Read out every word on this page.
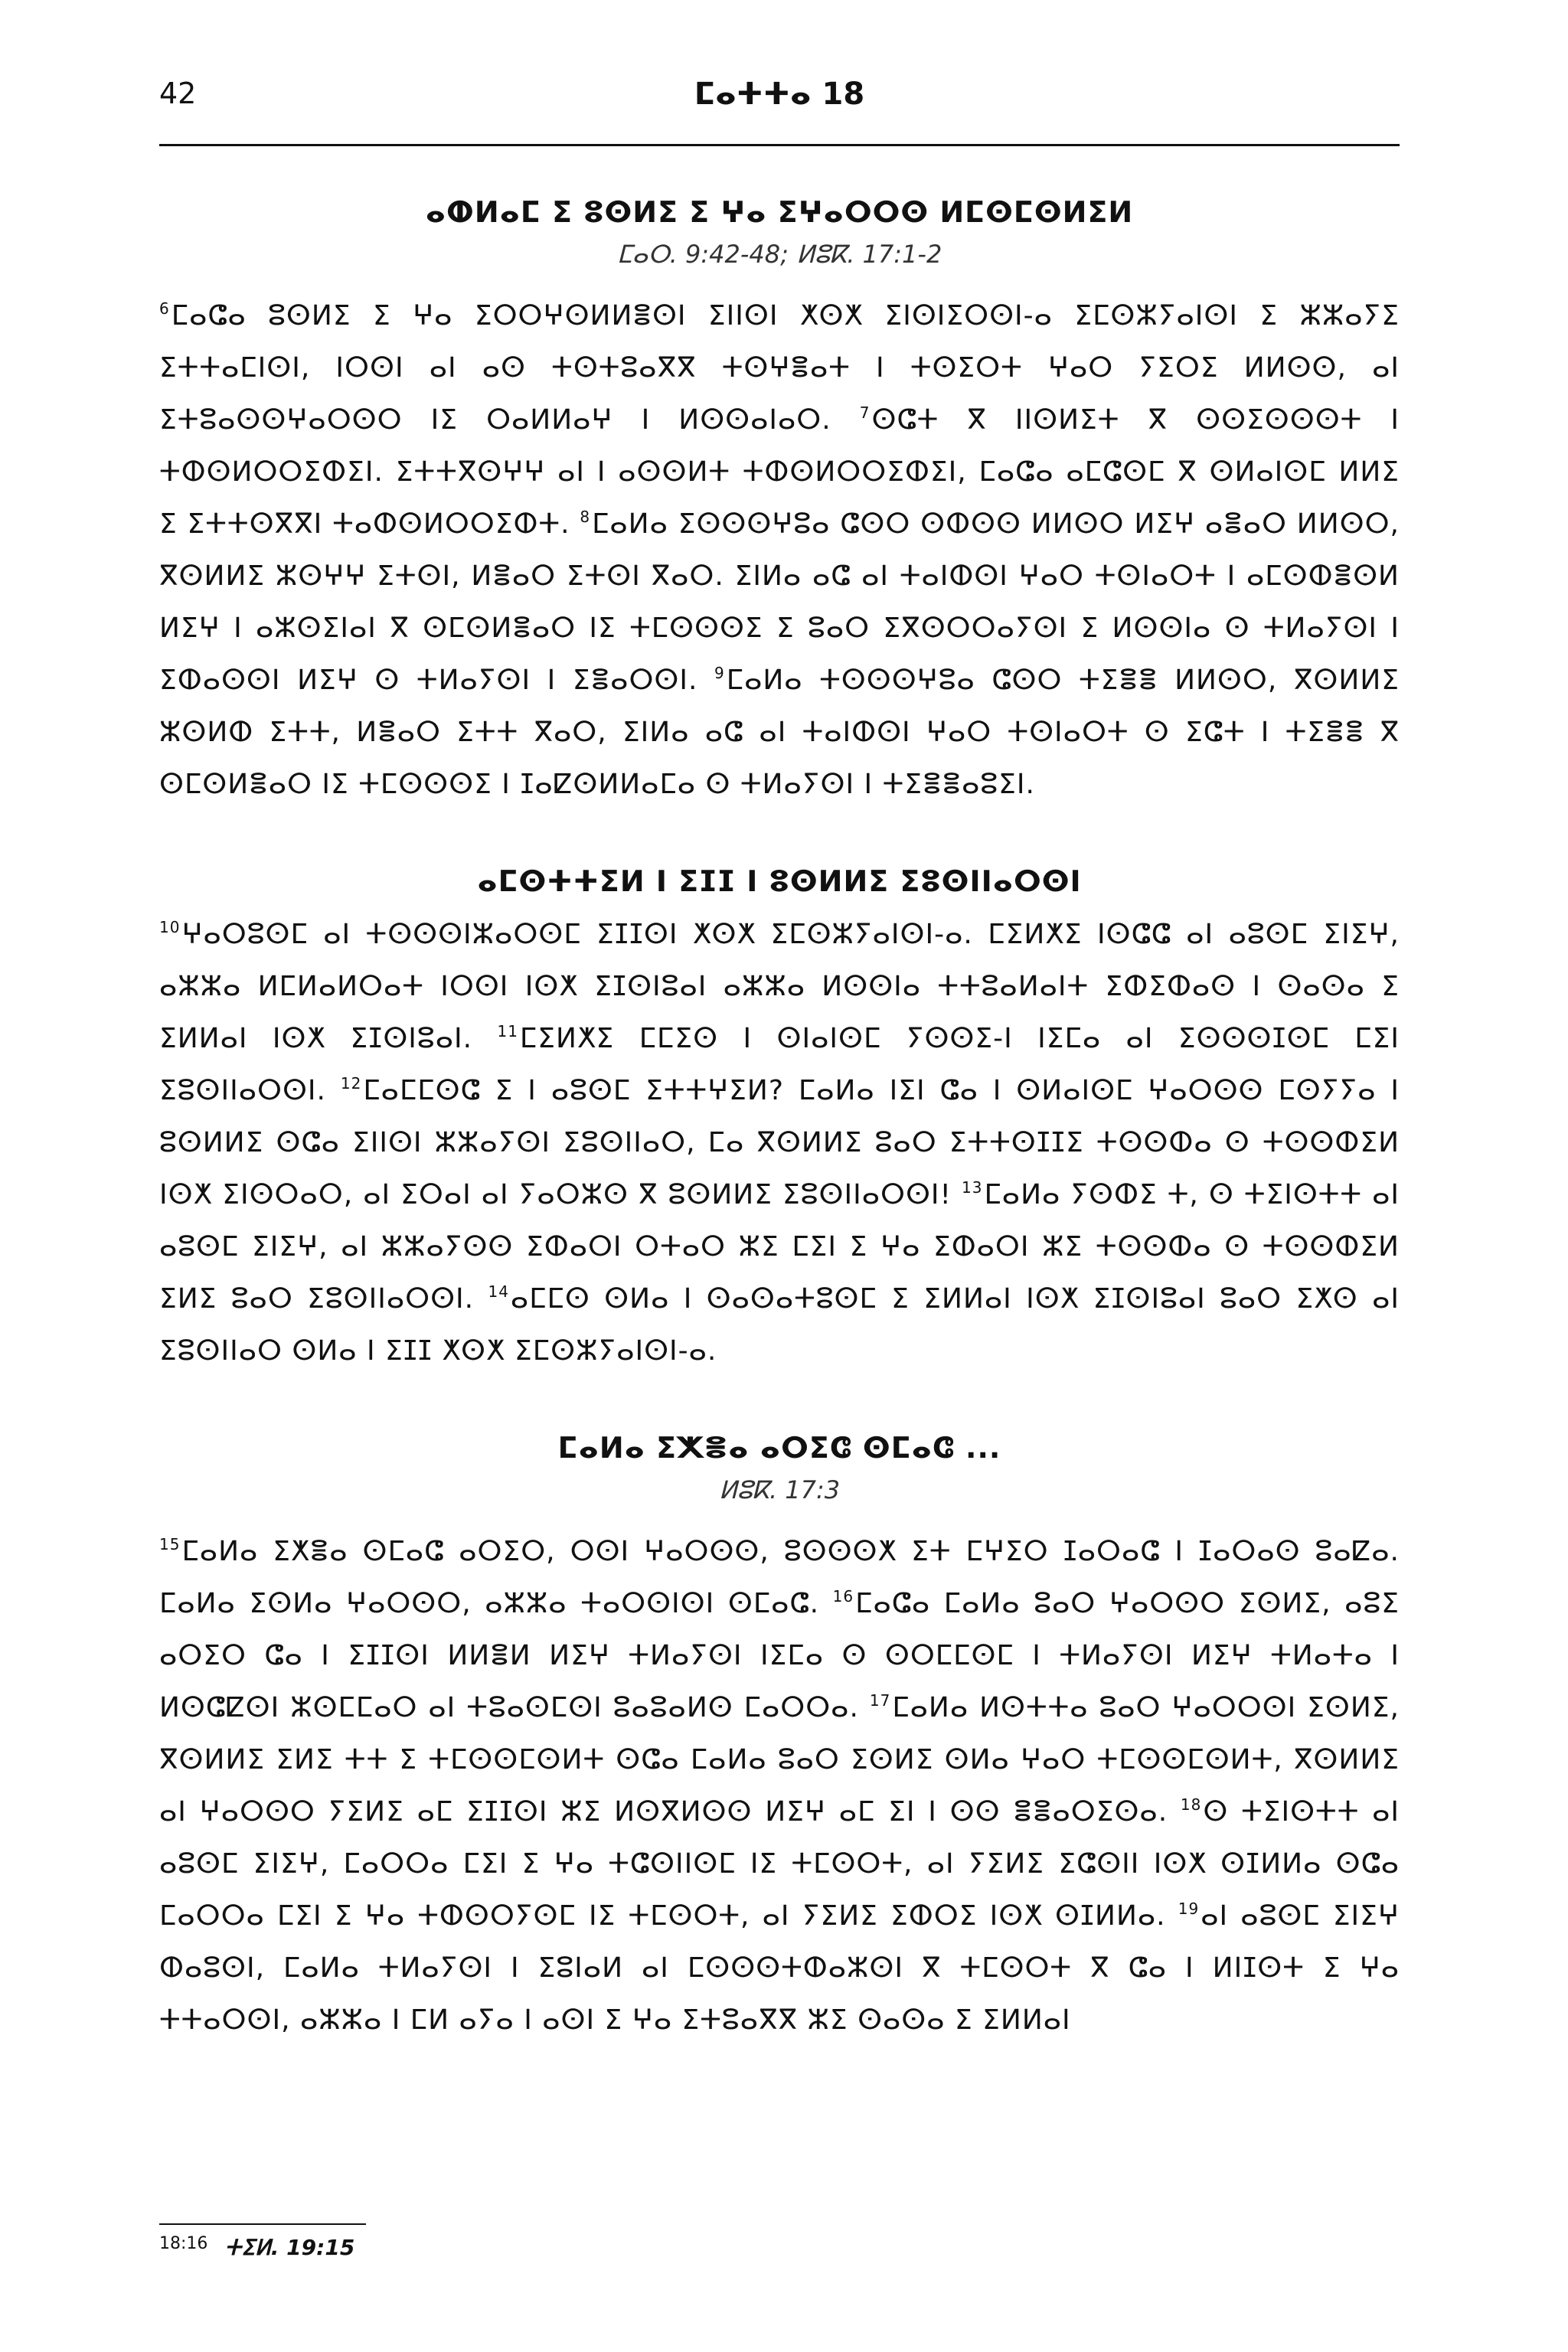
42	ⵎⴰⵜⵜⴰ 18
ⴰⵀⵍⴰⵎ ⵉ ⵓⵙⵍⵉ ⵉ ⵖⴰ ⵉⵖⴰⵔⵔⵙ ⵍⵎⵙⵎⵙⵍⵉⵍ
ⵎⴰⵔ. 9:42-48; ⵍⵓⴽ. 17:1-2

$^6$ⵎⴰⵛⴰ ⵓⵙⵍⵉ ⵉ ⵖⴰ ⵉⵔⵔⵖⵙⵍⵍⴻⵙⵏ ⵉⵏⵏⵙⵏ ⵅⵙⵅ ⵉⵏⵙⵏⵉⵔⵙⵏ-ⴰ ⵉⵎⵙⵣⵢⴰⵏⵙⵏ ⵉ ⵣⵣⴰⵢⵉ ⵉⵜⵜⴰⵎⵏⵙⵏ, ⵏⵔⵙⵏ ⴰⵏ ⴰⵙ ⵜⵙⵜⵓⴰⴳⴳ ⵜⵙⵖⴻⴰⵜ ⵏ ⵜⵙⵉⵔⵜ ⵖⴰⵔ ⵢⵉⵔⵉ ⵍⵍⵙⵙ, ⴰⵏ ⵉⵜⵓⴰⵙⵙⵖⴰⵔⵙⵔ ⵏⵉ ⵔⴰⵍⵍⴰⵖ ⵏ ⵍⵙⵙⴰⵏⴰⵔ. $^7$ⵙⵛⵜ ⴳ ⵏⵏⵙⵍⵉⵜ ⴳ ⵙⵙⵉⵙⵙⵙⵜ ⵏ ⵜⵀⵙⵍⵔⵔⵉⵀⵉⵏ. ⵉⵜⵜⴳⵙⵖⵖ ⴰⵏ ⵏ ⴰⵙⵙⵍⵜ ⵜⵀⵙⵍⵔⵔⵉⵀⵉⵏ, ⵎⴰⵛⴰ ⴰⵎⵛⵙⵎ ⴳ ⵙⵍⴰⵏⵙⵎ ⵍⵍⵉ ⵉ ⵉⵜⵜⵙⴳⴳⵏ ⵜⴰⵀⵙⵍⵔⵔⵉⵀⵜ. $^8$ⵎⴰⵍⴰ ⵉⵙⵙⵙⵖⵓⴰ ⵛⵙⵔ ⵙⵀⵙⵙ ⵍⵍⵙⵔ ⵍⵉⵖ ⴰⴻⴰⵔ ⵍⵍⵙⵔ, ⴳⵙⵍⵍⵉ ⵣⵙⵖⵖ ⵉⵜⵙⵏ, ⵍⴻⴰⵔ ⵉⵜⵙⵏ ⴳⴰⵔ. ⵉⵏⵍⴰ ⴰⵛ ⴰⵏ ⵜⴰⵏⵀⵙⵏ ⵖⴰⵔ ⵜⵙⵏⴰⵔⵜ ⵏ ⴰⵎⵙⵀⴻⵙⵍ ⵍⵉⵖ ⵏ ⴰⵣⵙⵉⵏⴰⵏ ⴳ ⵙⵎⵙⵍⴻⴰⵔ ⵏⵉ ⵜⵎⵙⵙⵙⵉ ⵉ ⵓⴰⵔ ⵉⴳⵙⵔⵔⴰⵢⵙⵏ ⵉ ⵍⵙⵙⵏⴰ ⵙ ⵜⵍⴰⵢⵙⵏ ⵏ ⵉⵀⴰⵙⵙⵏ ⵍⵉⵖ ⵙ ⵜⵍⴰⵢⵙⵏ ⵏ ⵉⴻⴰⵔⵙⵏ. $^9$ⵎⴰⵍⴰ ⵜⵙⵙⵙⵖⵓⴰ ⵛⵙⵔ ⵜⵉⴻⴻ ⵍⵍⵙⵔ, ⴳⵙⵍⵍⵉ ⵣⵙⵍⵀ ⵉⵜⵜ, ⵍⴻⴰⵔ ⵉⵜⵜ ⴳⴰⵔ, ⵉⵏⵍⴰ ⴰⵛ ⴰⵏ ⵜⴰⵏⵀⵙⵏ ⵖⴰⵔ ⵜⵙⵏⴰⵔⵜ ⵙ ⵉⵛⵜ ⵏ ⵜⵉⴻⴻ ⴳ ⵙⵎⵙⵍⴻⴰⵔ ⵏⵉ ⵜⵎⵙⵙⵙⵉ ⵏ ⵊⴰⵇⵙⵍⵍⴰⵎⴰ ⵙ ⵜⵍⴰⵢⵙⵏ ⵏ ⵜⵉⴻⴻⴰⵓⵉⵏ.

ⴰⵎⵙⵜⵜⵉⵍ ⵏ ⵉⵊⵊ ⵏ ⵓⵙⵍⵍⵉ ⵉⵓⵙⵏⵏⴰⵔⵙⵏ

$^{10}$ⵖⴰⵔⵓⵙⵎ ⴰⵏ ⵜⵙⵙⵙⵏⵣⴰⵔⵙⵎ ⵉⵊⵊⵙⵏ ⵅⵙⵅ ⵉⵎⵙⵣⵢⴰⵏⵙⵏ-ⴰ. ⵎⵉⵍⵅⵉ ⵏⵙⵛⵛ ⴰⵏ ⴰⵓⵙⵎ ⵉⵏⵉⵖ, ⴰⵣⵣⴰ ⵍⵎⵍⴰⵍⵔⴰⵜ ⵏⵔⵙⵏ ⵏⵙⵅ ⵉⵊⵙⵏⵓⴰⵏ ⴰⵣⵣⴰ ⵍⵙⵙⵏⴰ ⵜⵜⵓⴰⵍⴰⵏⵜ ⵉⵀⵉⵀⴰⵙ ⵏ ⵙⴰⵙⴰ ⵉ ⵉⵍⵍⴰⵏ ⵏⵙⵅ ⵉⵊⵙⵏⵓⴰⵏ. $^{11}$ⵎⵉⵍⵅⵉ ⵎⵎⵉⵙ ⵏ ⵙⵏⴰⵏⵙⵎ ⵢⵙⵙⵉ-ⵏ ⵏⵉⵎⴰ ⴰⵏ ⵉⵙⵙⵙⵊⵙⵎ ⵎⵉⵏ ⵉⵓⵙⵏⵏⴰⵔⵙⵏ. $^{12}$ⵎⴰⵎⵎⵙⵛ ⵉ ⵏ ⴰⵓⵙⵎ ⵉⵜⵜⵖⵉⵍ? ⵎⴰⵍⴰ ⵏⵉⵏ ⵛⴰ ⵏ ⵙⵍⴰⵏⵙⵎ ⵖⴰⵔⵙⵙ ⵎⵙⵢⵢⴰ ⵏ ⵓⵙⵍⵍⵉ ⵙⵛⴰ ⵉⵏⵏⵙⵏ ⵣⵣⴰⵢⵙⵏ ⵉⵓⵙⵏⵏⴰⵔ, ⵎⴰ ⴳⵙⵍⵍⵉ ⵓⴰⵔ ⵉⵜⵜⵙⵊⵊⵉ ⵜⵙⵙⵀⴰ ⵙ ⵜⵙⵙⵀⵉⵍ ⵏⵙⵅ ⵉⵏⵙⵔⴰⵔ, ⴰⵏ ⵉⵔⴰⵏ ⴰⵏ ⵢⴰⵔⵣⵙ ⴳ ⵓⵙⵍⵍⵉ ⵉⵓⵙⵏⵏⴰⵔⵙⵏ! $^{13}$ⵎⴰⵍⴰ ⵢⵙⵀⵉ ⵜ, ⵙ ⵜⵉⵏⵙⵜⵜ ⴰⵏ ⴰⵓⵙⵎ ⵉⵏⵉⵖ, ⴰⵏ ⵣⵣⴰⵢⵙⵙ ⵉⵀⴰⵔⵏ ⵔⵜⴰⵔ ⵣⵉ ⵎⵉⵏ ⵉ ⵖⴰ ⵉⵀⴰⵔⵏ ⵣⵉ ⵜⵙⵙⵀⴰ ⵙ ⵜⵙⵙⵀⵉⵍ ⵉⵍⵉ ⵓⴰⵔ ⵉⵓⵙⵏⵏⴰⵔⵙⵏ. $^{14}$ⴰⵎⵎⵙ ⵙⵍⴰ ⵏ ⵙⴰⵙⴰⵜⵓⵙⵎ ⵉ ⵉⵍⵍⴰⵏ ⵏⵙⵅ ⵉⵊⵙⵏⵓⴰⵏ ⵓⴰⵔ ⵉⵅⵙ ⴰⵏ ⵉⵓⵙⵏⵏⴰⵔ ⵙⵍⴰ ⵏ ⵉⵊⵊ ⵅⵙⵅ ⵉⵎⵙⵣⵢⴰⵏⵙⵏ-ⴰ.

ⵎⴰⵍⴰ ⵉⵅⴻⴰ ⴰⵔⵉⵛ ⵙⵎⴰⵛ ...
ⵍⵓⴽ. 17:3

$^{15}$ⵎⴰⵍⴰ ⵉⵅⴻⴰ ⵙⵎⴰⵛ ⴰⵔⵉⵔ, ⵔⵙⵏ ⵖⴰⵔⵙⵙ, ⵓⵙⵙⵙⵅ ⵉⵜ ⵎⵖⵉⵔ ⵊⴰⵔⴰⵛ ⵏ ⵊⴰⵔⴰⵙ ⵓⴰⵇⴰ. ⵎⴰⵍⴰ ⵉⵙⵍⴰ ⵖⴰⵔⵙⵔ, ⴰⵣⵣⴰ ⵜⴰⵔⵙⵏⵙⵏ ⵙⵎⴰⵛ. $^{16}$ⵎⴰⵛⴰ ⵎⴰⵍⴰ ⵓⴰⵔ ⵖⴰⵔⵙⵔ ⵉⵙⵍⵉ, ⴰⵓⵉ ⴰⵔⵉⵔ ⵛⴰ ⵏ ⵉⵊⵊⵙⵏ ⵍⵍⴻⵍ ⵍⵉⵖ ⵜⵍⴰⵢⵙⵏ ⵏⵉⵎⴰ ⵙ ⵙⵔⵎⵎⵙⵎ ⵏ ⵜⵍⴰⵢⵙⵏ ⵍⵉⵖ ⵜⵍⴰⵜⴰ ⵏ ⵍⵙⵛⵇⵙⵏ ⵣⵙⵎⵎⴰⵔ ⴰⵏ ⵜⵓⴰⵙⵎⵙⵏ ⵓⴰⵓⴰⵍⵙ ⵎⴰⵔⵔⴰ. $^{17}$ⵎⴰⵍⴰ ⵍⵙⵜⵜⴰ ⵓⴰⵔ ⵖⴰⵔⵔⵙⵏ ⵉⵙⵍⵉ, ⴳⵙⵍⵍⵉ ⵉⵍⵉ ⵜⵜ ⵉ ⵜⵎⵙⵙⵎⵙⵍⵜ ⵙⵛⴰ ⵎⴰⵍⴰ ⵓⴰⵔ ⵉⵙⵍⵉ ⵙⵍⴰ ⵖⴰⵔ ⵜⵎⵙⵙⵎⵙⵍⵜ, ⴳⵙⵍⵍⵉ ⴰⵏ ⵖⴰⵔⵙⵔ ⵢⵉⵍⵉ ⴰⵎ ⵉⵊⵊⵙⵏ ⵣⵉ ⵍⵙⴳⵍⵙⵙ ⵍⵉⵖ ⴰⵎ ⵉⵏ ⵏ ⵙⵙ ⴻⴻⴰⵔⵉⵙⴰ. $^{18}$ⵙ ⵜⵉⵏⵙⵜⵜ ⴰⵏ ⴰⵓⵙⵎ ⵉⵏⵉⵖ, ⵎⴰⵔⵔⴰ ⵎⵉⵏ ⵉ ⵖⴰ ⵜⵛⵙⵏⵏⵙⵎ ⵏⵉ ⵜⵎⵙⵔⵜ, ⴰⵏ ⵢⵉⵍⵉ ⵉⵛⵙⵏⵏ ⵏⵙⵅ ⵙⵊⵍⵍⴰ ⵙⵛⴰ ⵎⴰⵔⵔⴰ ⵎⵉⵏ ⵉ ⵖⴰ ⵜⵀⵙⵔⵢⵙⵎ ⵏⵉ ⵜⵎⵙⵔⵜ, ⴰⵏ ⵢⵉⵍⵉ ⵉⵀⵔⵉ ⵏⵙⵅ ⵙⵊⵍⵍⴰ. $^{19}$ⴰⵏ ⴰⵓⵙⵎ ⵉⵏⵉⵖ ⵀⴰⵓⵙⵏ, ⵎⴰⵍⴰ ⵜⵍⴰⵢⵙⵏ ⵏ ⵉⵓⵏⴰⵍ ⴰⵏ ⵎⵙⵙⵙⵜⵀⴰⵣⵙⵏ ⴳ ⵜⵎⵙⵔⵜ ⴳ ⵛⴰ ⵏ ⵍⵏⵊⵙⵜ ⵉ ⵖⴰ ⵜⵜⴰⵔⵙⵏ, ⴰⵣⵣⴰ ⵏ ⵎⵍ ⴰⵢⴰ ⵏ ⴰⵙⵏ ⵉ ⵖⴰ ⵉⵜⵓⴰⴳⴳ ⵣⵉ ⵙⴰⵙⴰ ⵉ ⵉⵍⵍⴰⵏ

$^{18:16}$ ⵜⵉⵍ. 19:15
